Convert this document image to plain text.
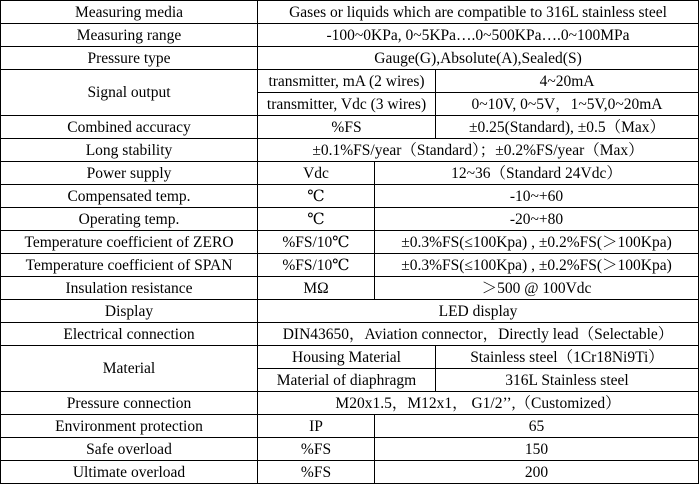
Measuring media	Gases or liquids which are compatible to 316L stainless steel		
Measuring range	-100~0KPa, 0~5KPa….0~500KPa….0~100MPa		
Pressure type	Gauge(G),Absolute(A),Sealed(S)		
Signal output	transmitter, mA (2 wires)		4~20mA
	transmitter, Vdc (3 wires)		0~10V, 0~5V，1~5V,0~20mA
Combined accuracy	%FS		±0.25(Standard), ±0.5（Max）
Long stability	±0.1%FS/year（Standard）；±0.2%FS/year（Max）		
Power supply	Vdc	12~36（Standard 24Vdc）	
Compensated temp.	℃	-10~+60	
Operating temp.	℃	-20~+80	
Temperature coefficient of ZERO	%FS/10℃	±0.3%FS(≤100Kpa) , ±0.2%FS(＞100Kpa)	
Temperature coefficient of SPAN	%FS/10℃	±0.3%FS(≤100Kpa) , ±0.2%FS(＞100Kpa)	
Insulation resistance	MΩ	＞500 @ 100Vdc	
Display	LED display		
Electrical connection	DIN43650，Aviation connector，Directly lead（Selectable）		
Material	Housing Material		Stainless steel（1Cr18Ni9Ti）
	Material of diaphragm		316L Stainless steel
Pressure connection	M20x1.5，M12x1， G1/2’’,（Customized）		
Environment protection	IP	65	
Safe overload	%FS	150	
Ultimate overload	%FS	200	
